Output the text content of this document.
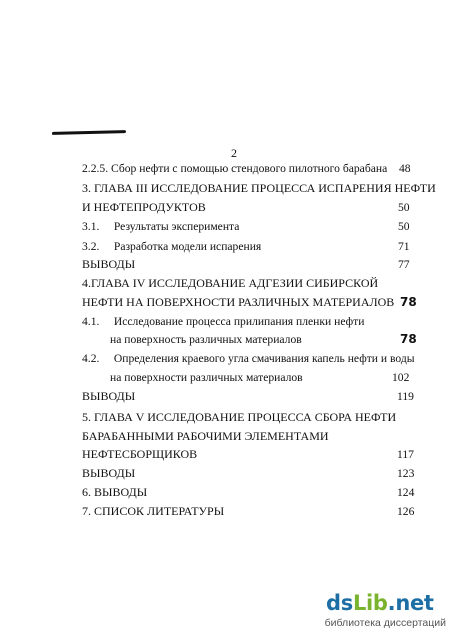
2
2.2.5. Сбор нефти с помощью стендового пилотного барабана 48
3. ГЛАВА III ИССЛЕДОВАНИЕ ПРОЦЕССА ИСПАРЕНИЯ НЕФТИ
И НЕФТЕПРОДУКТОВ	50
3.1.     Результаты эксперимента	50
3.2.     Разработка модели испарения	71
ВЫВОДЫ	77
4.ГЛАВА IV ИССЛЕДОВАНИЕ АДГЕЗИИ СИБИРСКОЙ
НЕФТИ НА ПОВЕРХНОСТИ РАЗЛИЧНЫХ МАТЕРИАЛОВ 78
4.1.     Исследование процесса прилипания пленки нефти
на поверхность различных материалов	78
4.2.     Определения краевого угла смачивания капель нефти и воды
на поверхности различных материалов	102
ВЫВОДЫ	119
5. ГЛАВА V ИССЛЕДОВАНИЕ ПРОЦЕССА СБОРА НЕФТИ
БАРАБАННЫМИ РАБОЧИМИ ЭЛЕМЕНТАМИ
НЕФТЕСБОРЩИКОВ	117
ВЫВОДЫ	123
6. ВЫВОДЫ	124
7. СПИСОК ЛИТЕРАТУРЫ	126
dsLib.net
библиотека диссертаций
